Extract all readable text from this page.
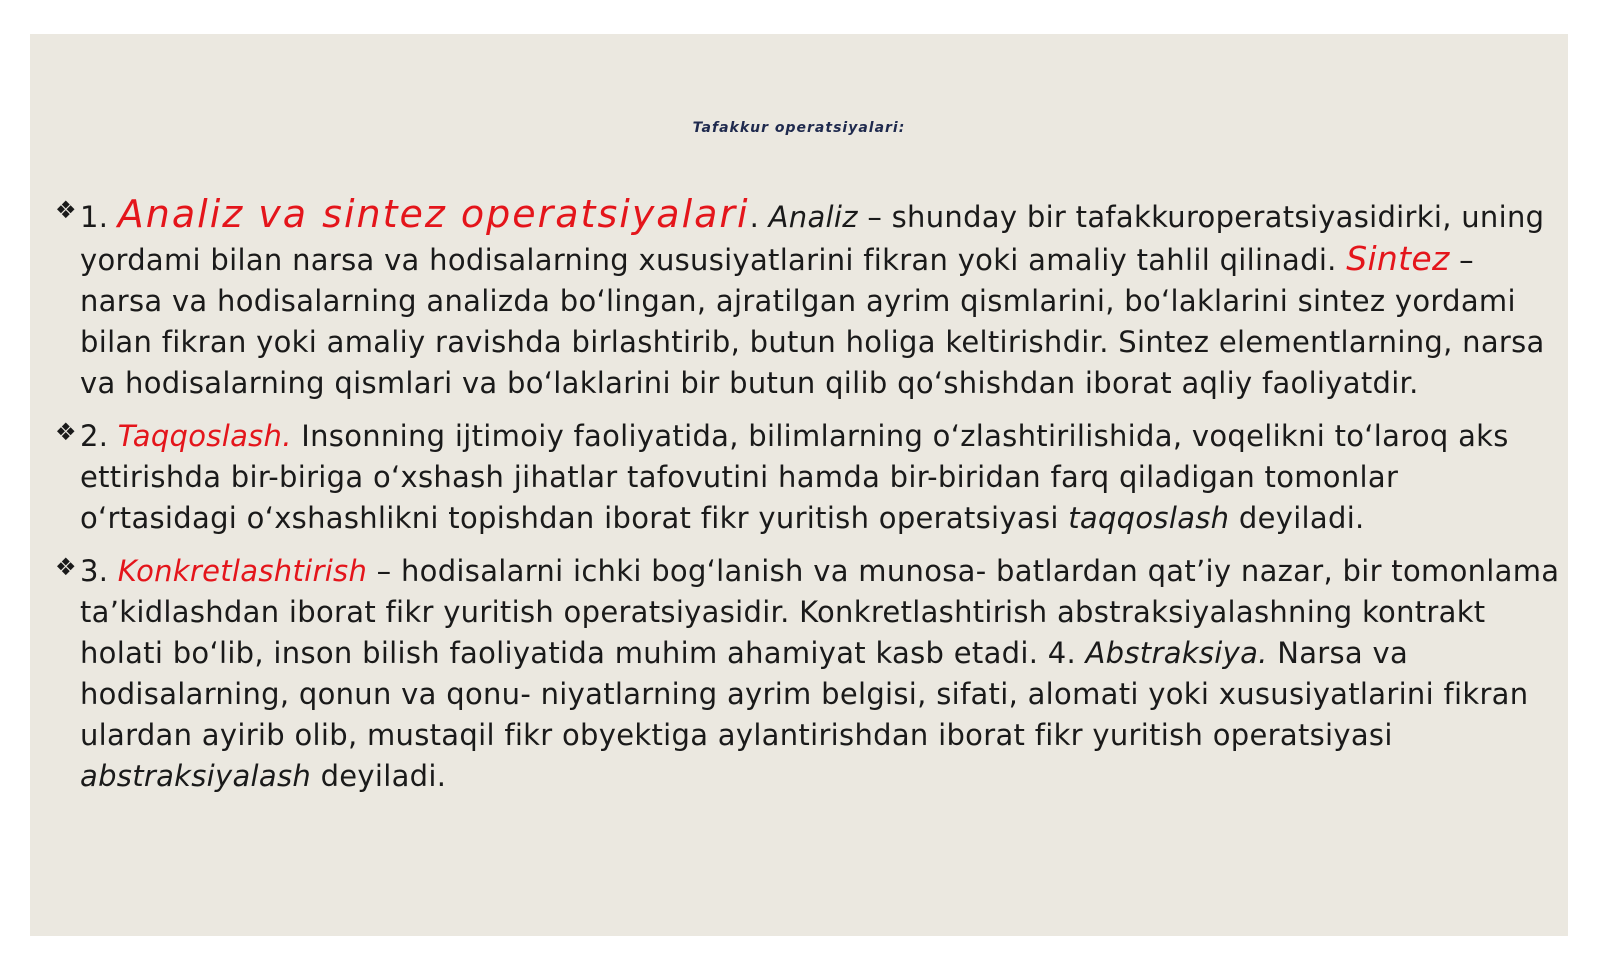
Tafakkur operatsiyalari:
❖ 1. Analiz va sintez operatsiyalari. Analiz – shunday bir tafakkuroperatsiyasidirki, uning yordami bilan narsa va hodisalarning xususiyatlarini fikran yoki amaliy tahlil qilinadi. Sintez – narsa va hodisalarning analizda bo‘lingan, ajratilgan ayrim qismlarini, bo‘laklarini sintez yordami bilan fikran yoki amaliy ravishda birlashtirib, butun holiga keltirishdir. Sintez elementlarning, narsa va hodisalarning qismlari va bo‘laklarini bir butun qilib qo‘shishdan iborat aqliy faoliyatdir.
❖ 2. Taqqoslash. Insonning ijtimoiy faoliyatida, bilimlarning o‘zlashtirilishida, voqelikni to‘laroq aks ettirishda bir-biriga o‘xshash jihatlar tafovutini hamda bir-biridan farq qiladigan tomonlar o‘rtasidagi o‘xshashlikni topishdan iborat fikr yuritish operatsiyasi taqqoslash deyiladi.
❖ 3. Konkretlashtirish – hodisalarni ichki bog‘lanish va munosa- batlardan qat’iy nazar, bir tomonlama ta’kidlashdan iborat fikr yuritish operatsiyasidir. Konkretlashtirish abstraksiyalashning kontrakt holati bo‘lib, inson bilish faoliyatida muhim ahamiyat kasb etadi. 4. Abstraksiya. Narsa va hodisalarning, qonun va qonu- niyatlarning ayrim belgisi, sifati, alomati yoki xususiyatlarini fikran ulardan ayirib olib, mustaqil fikr obyektiga aylantirishdan iborat fikr yuritish operatsiyasi abstraksiyalash deyiladi.
